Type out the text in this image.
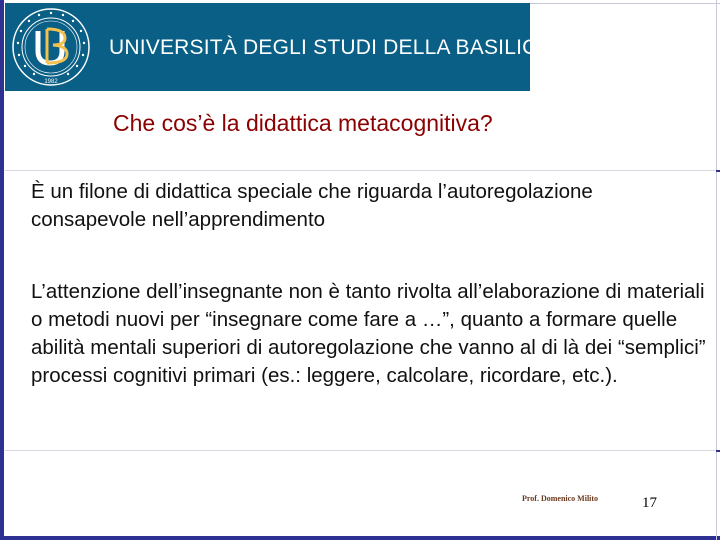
1982
UNIVERSITÀ DEGLI STUDI DELLA BASILICATA
Che cos’è la didattica metacognitiva?
È un filone di didattica speciale che riguarda l’autoregolazione consapevole nell’apprendimento
L’attenzione dell’insegnante non è tanto rivolta all’elaborazione di materiali o metodi nuovi per “insegnare come fare a …”, quanto a formare quelle abilità mentali superiori di autoregolazione che vanno al di là dei “semplici” processi cognitivi primari (es.: leggere, calcolare, ricordare, etc.).
Prof. Domenico Milito	17
